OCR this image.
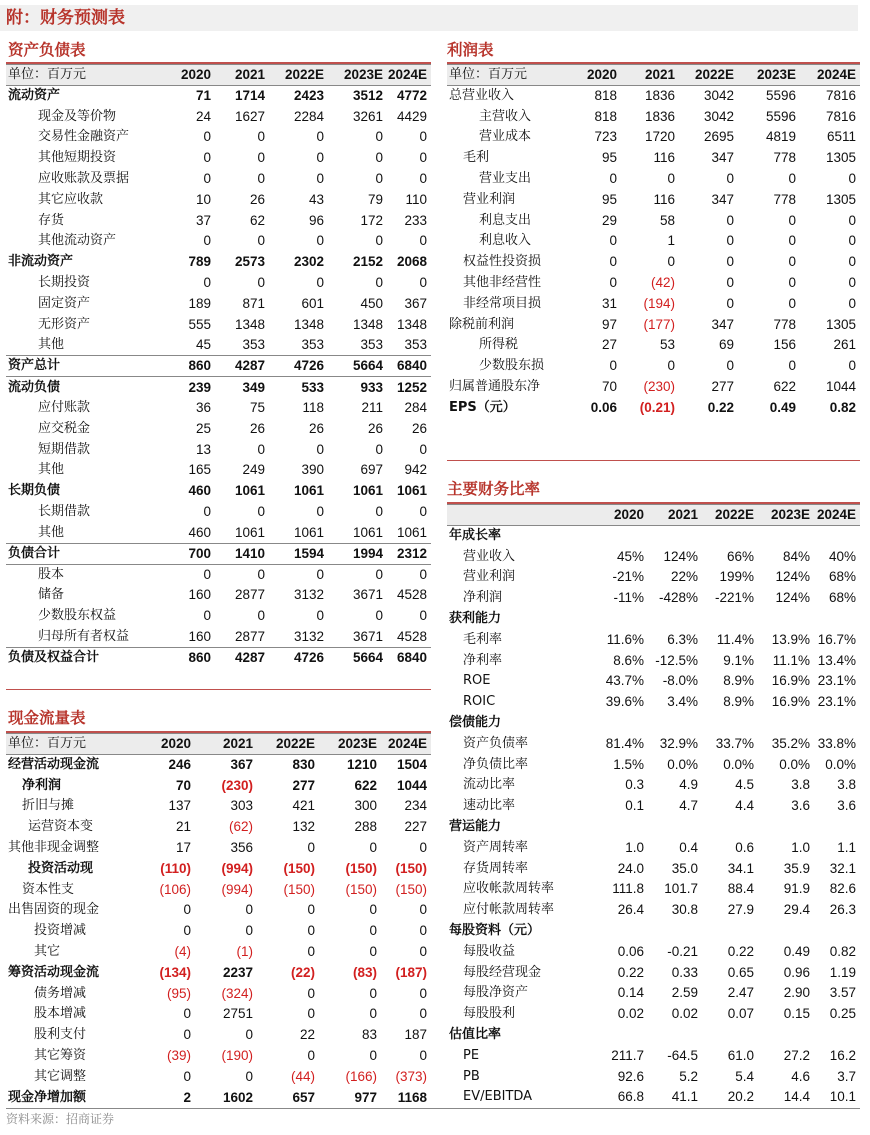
附：财务预测表
资产负债表
单位：百万元	2020	2021	2022E	2023E	2024E
流动资产	71	1714	2423	3512	4772
现金及等价物	24	1627	2284	3261	4429
交易性金融资产	0	0	0	0	0
其他短期投资	0	0	0	0	0
应收账款及票据	0	0	0	0	0
其它应收款	10	26	43	79	110
存货	37	62	96	172	233
其他流动资产	0	0	0	0	0
非流动资产	789	2573	2302	2152	2068
长期投资	0	0	0	0	0
固定资产	189	871	601	450	367
无形资产	555	1348	1348	1348	1348
其他	45	353	353	353	353
资产总计	860	4287	4726	5664	6840
流动负债	239	349	533	933	1252
应付账款	36	75	118	211	284
应交税金	25	26	26	26	26
短期借款	13	0	0	0	0
其他	165	249	390	697	942
长期负债	460	1061	1061	1061	1061
长期借款	0	0	0	0	0
其他	460	1061	1061	1061	1061
负债合计	700	1410	1594	1994	2312
股本	0	0	0	0	0
储备	160	2877	3132	3671	4528
少数股东权益	0	0	0	0	0
归母所有者权益	160	2877	3132	3671	4528
负债及权益合计	860	4287	4726	5664	6840
现金流量表
单位：百万元	2020	2021	2022E	2023E	2024E
经营活动现金流	246	367	830	1210	1504
净利润	70	(230)	277	622	1044
折旧与摊	137	303	421	300	234
运营资本变	21	(62)	132	288	227
其他非现金调整	17	356	0	0	0
投资活动现	(110)	(994)	(150)	(150)	(150)
资本性支	(106)	(994)	(150)	(150)	(150)
出售固资的现金	0	0	0	0	0
投资增减	0	0	0	0	0
其它	(4)	(1)	0	0	0
筹资活动现金流	(134)	2237	(22)	(83)	(187)
债务增减	(95)	(324)	0	0	0
股本增减	0	2751	0	0	0
股利支付	0	0	22	83	187
其它筹资	(39)	(190)	0	0	0
其它调整	0	0	(44)	(166)	(373)
现金净增加额	2	1602	657	977	1168
利润表
单位：百万元	2020	2021	2022E	2023E	2024E
总营业收入	818	1836	3042	5596	7816
主营收入	818	1836	3042	5596	7816
营业成本	723	1720	2695	4819	6511
毛利	95	116	347	778	1305
营业支出	0	0	0	0	0
营业利润	95	116	347	778	1305
利息支出	29	58	0	0	0
利息收入	0	1	0	0	0
权益性投资损	0	0	0	0	0
其他非经营性	0	(42)	0	0	0
非经常项目损	31	(194)	0	0	0
除税前利润	97	(177)	347	778	1305
所得税	27	53	69	156	261
少数股东损	0	0	0	0	0
归属普通股东净	70	(230)	277	622	1044
EPS（元）	0.06	(0.21)	0.22	0.49	0.82
主要财务比率
	2020	2021	2022E	2023E	2024E
年成长率					
营业收入	45%	124%	66%	84%	40%
营业利润	-21%	22%	199%	124%	68%
净利润	-11%	-428%	-221%	124%	68%
获利能力					
毛利率	11.6%	6.3%	11.4%	13.9%	16.7%
净利率	8.6%	-12.5%	9.1%	11.1%	13.4%
ROE	43.7%	-8.0%	8.9%	16.9%	23.1%
ROIC	39.6%	3.4%	8.9%	16.9%	23.1%
偿债能力					
资产负债率	81.4%	32.9%	33.7%	35.2%	33.8%
净负债比率	1.5%	0.0%	0.0%	0.0%	0.0%
流动比率	0.3	4.9	4.5	3.8	3.8
速动比率	0.1	4.7	4.4	3.6	3.6
营运能力					
资产周转率	1.0	0.4	0.6	1.0	1.1
存货周转率	24.0	35.0	34.1	35.9	32.1
应收帐款周转率	111.8	101.7	88.4	91.9	82.6
应付帐款周转率	26.4	30.8	27.9	29.4	26.3
每股资料（元）					
每股收益	0.06	-0.21	0.22	0.49	0.82
每股经营现金	0.22	0.33	0.65	0.96	1.19
每股净资产	0.14	2.59	2.47	2.90	3.57
每股股利	0.02	0.02	0.07	0.15	0.25
估值比率					
PE	211.7	-64.5	61.0	27.2	16.2
PB	92.6	5.2	5.4	4.6	3.7
EV/EBITDA	66.8	41.1	20.2	14.4	10.1
资料来源：招商证券
